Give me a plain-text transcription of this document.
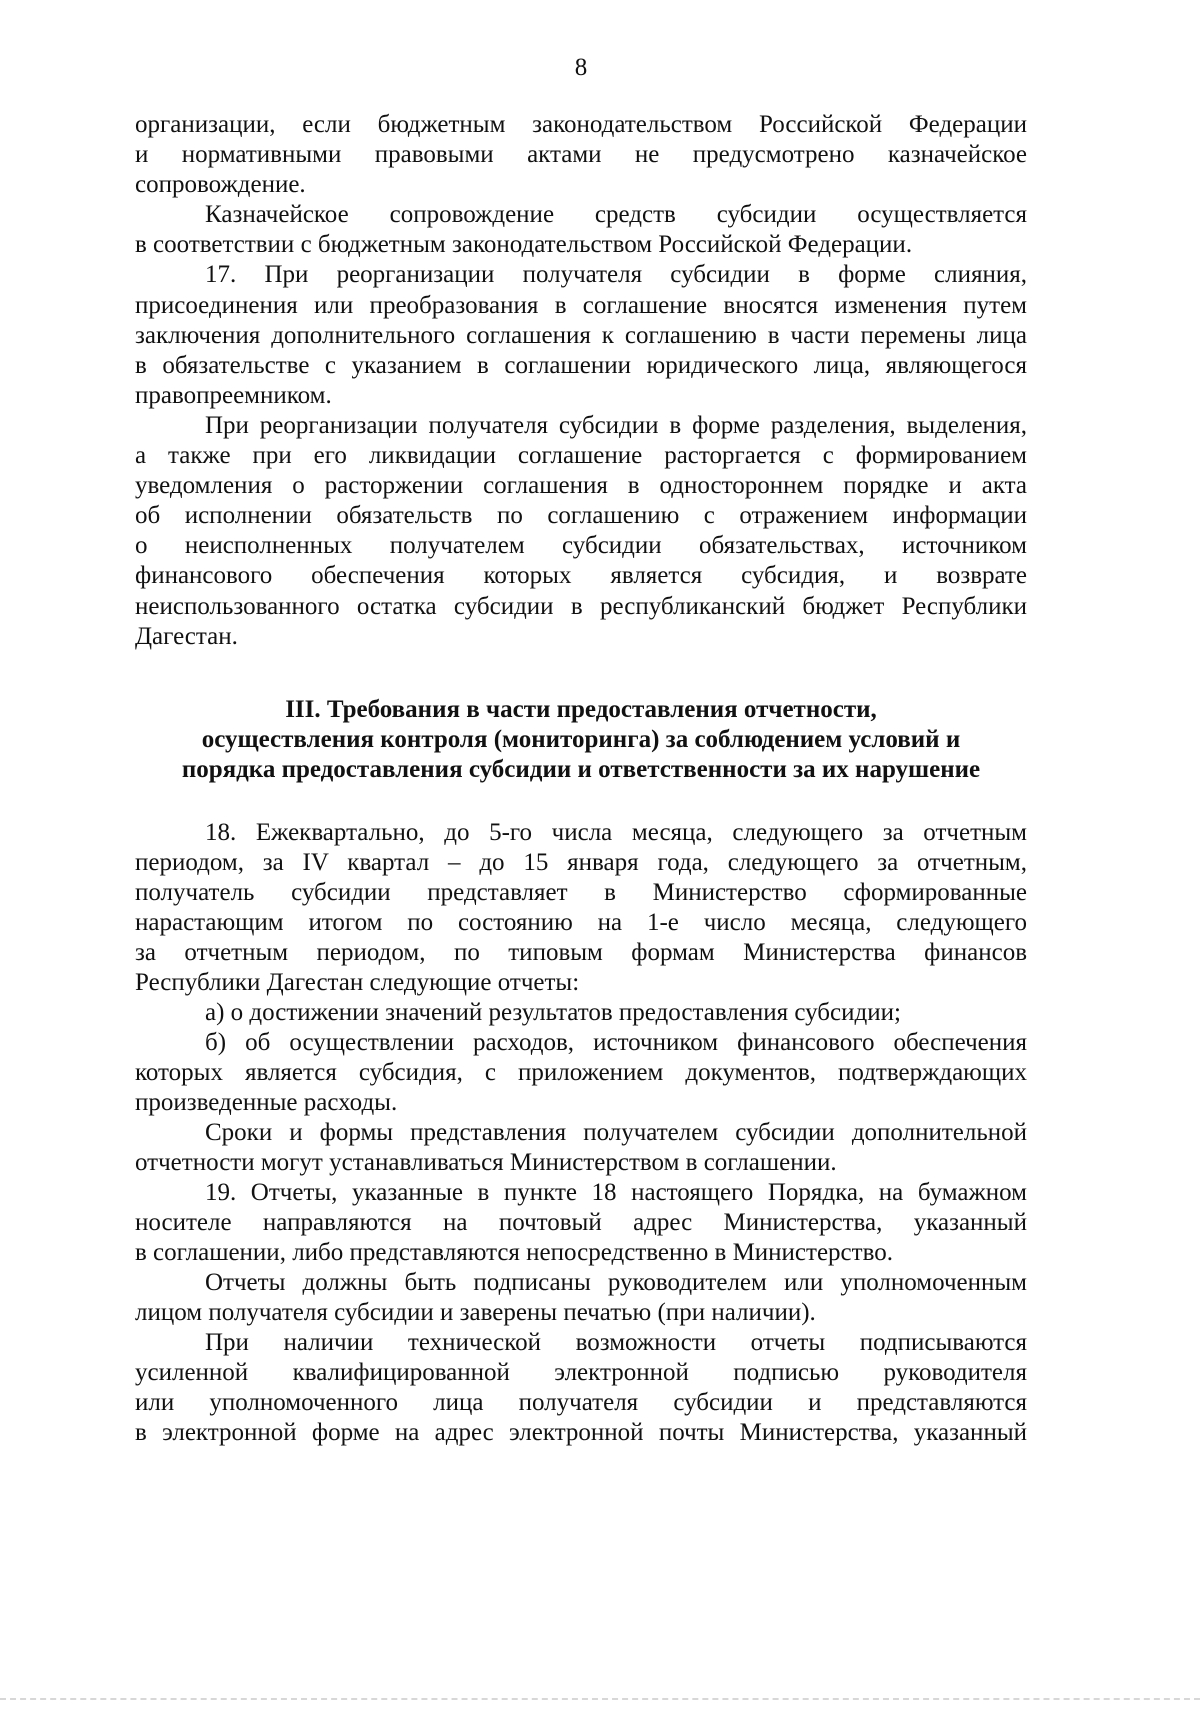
8
организации, если бюджетным законодательством Российской Федерации
и нормативными правовыми актами не предусмотрено казначейское
сопровождение.
Казначейское сопровождение средств субсидии осуществляется
в соответствии с бюджетным законодательством Российской Федерации.
17. При реорганизации получателя субсидии в форме слияния,
присоединения или преобразования в соглашение вносятся изменения путем
заключения дополнительного соглашения к соглашению в части перемены лица
в обязательстве с указанием в соглашении юридического лица, являющегося
правопреемником.
При реорганизации получателя субсидии в форме разделения, выделения,
а также при его ликвидации соглашение расторгается с формированием
уведомления о расторжении соглашения в одностороннем порядке и акта
об исполнении обязательств по соглашению с отражением информации
о неисполненных получателем субсидии обязательствах, источником
финансового обеспечения которых является субсидия, и возврате
неиспользованного остатка субсидии в республиканский бюджет Республики
Дагестан.
III. Требования в части предоставления отчетности,
осуществления контроля (мониторинга) за соблюдением условий и
порядка предоставления субсидии и ответственности за их нарушение
18. Ежеквартально, до 5-го числа месяца, следующего за отчетным
периодом, за IV квартал – до 15 января года, следующего за отчетным,
получатель субсидии представляет в Министерство сформированные
нарастающим итогом по состоянию на 1-е число месяца, следующего
за отчетным периодом, по типовым формам Министерства финансов
Республики Дагестан следующие отчеты:
а) о достижении значений результатов предоставления субсидии;
б) об осуществлении расходов, источником финансового обеспечения
которых является субсидия, с приложением документов, подтверждающих
произведенные расходы.
Сроки и формы представления получателем субсидии дополнительной
отчетности могут устанавливаться Министерством в соглашении.
19. Отчеты, указанные в пункте 18 настоящего Порядка, на бумажном
носителе направляются на почтовый адрес Министерства, указанный
в соглашении, либо представляются непосредственно в Министерство.
Отчеты должны быть подписаны руководителем или уполномоченным
лицом получателя субсидии и заверены печатью (при наличии).
При наличии технической возможности отчеты подписываются
усиленной квалифицированной электронной подписью руководителя
или уполномоченного лица получателя субсидии и представляются
в электронной форме на адрес электронной почты Министерства, указанный
